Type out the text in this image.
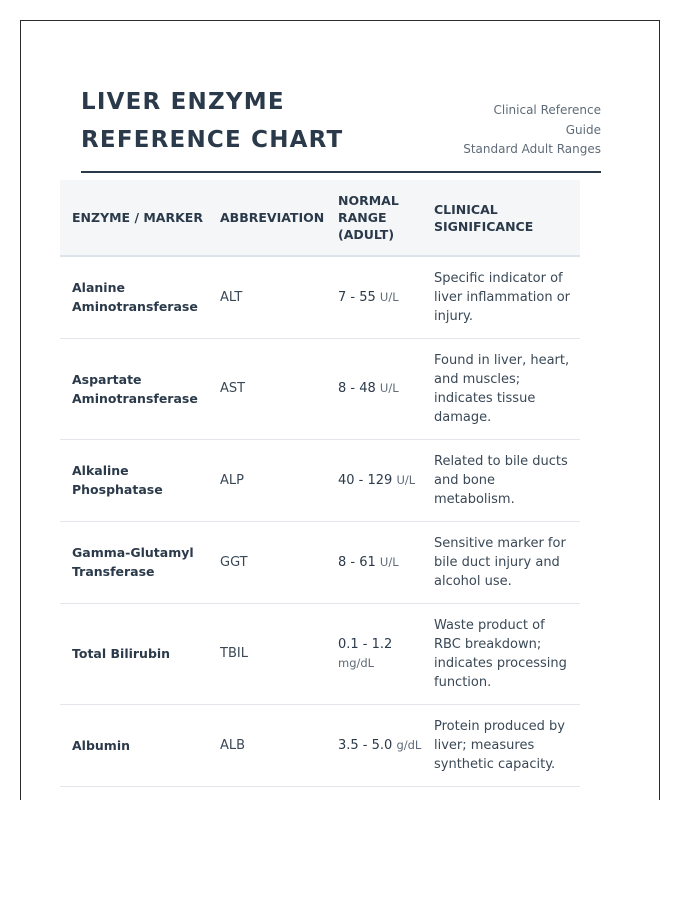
LIVER ENZYME REFERENCE CHART
Clinical Reference
Guide
Standard Adult Ranges
ENZYME / MARKER	ABBREVIATION	NORMAL RANGE (ADULT)	CLINICAL SIGNIFICANCE
Alanine Aminotransferase	ALT	7 - 55 U/L	Specific indicator of liver inflammation or injury.
Aspartate Aminotransferase	AST	8 - 48 U/L	Found in liver, heart, and muscles; indicates tissue damage.
Alkaline Phosphatase	ALP	40 - 129 U/L	Related to bile ducts and bone metabolism.
Gamma-Glutamyl Transferase	GGT	8 - 61 U/L	Sensitive marker for bile duct injury and alcohol use.
Total Bilirubin	TBIL	0.1 - 1.2 mg/dL	Waste product of RBC breakdown; indicates processing function.
Albumin	ALB	3.5 - 5.0 g/dL	Protein produced by liver; measures synthetic capacity.
